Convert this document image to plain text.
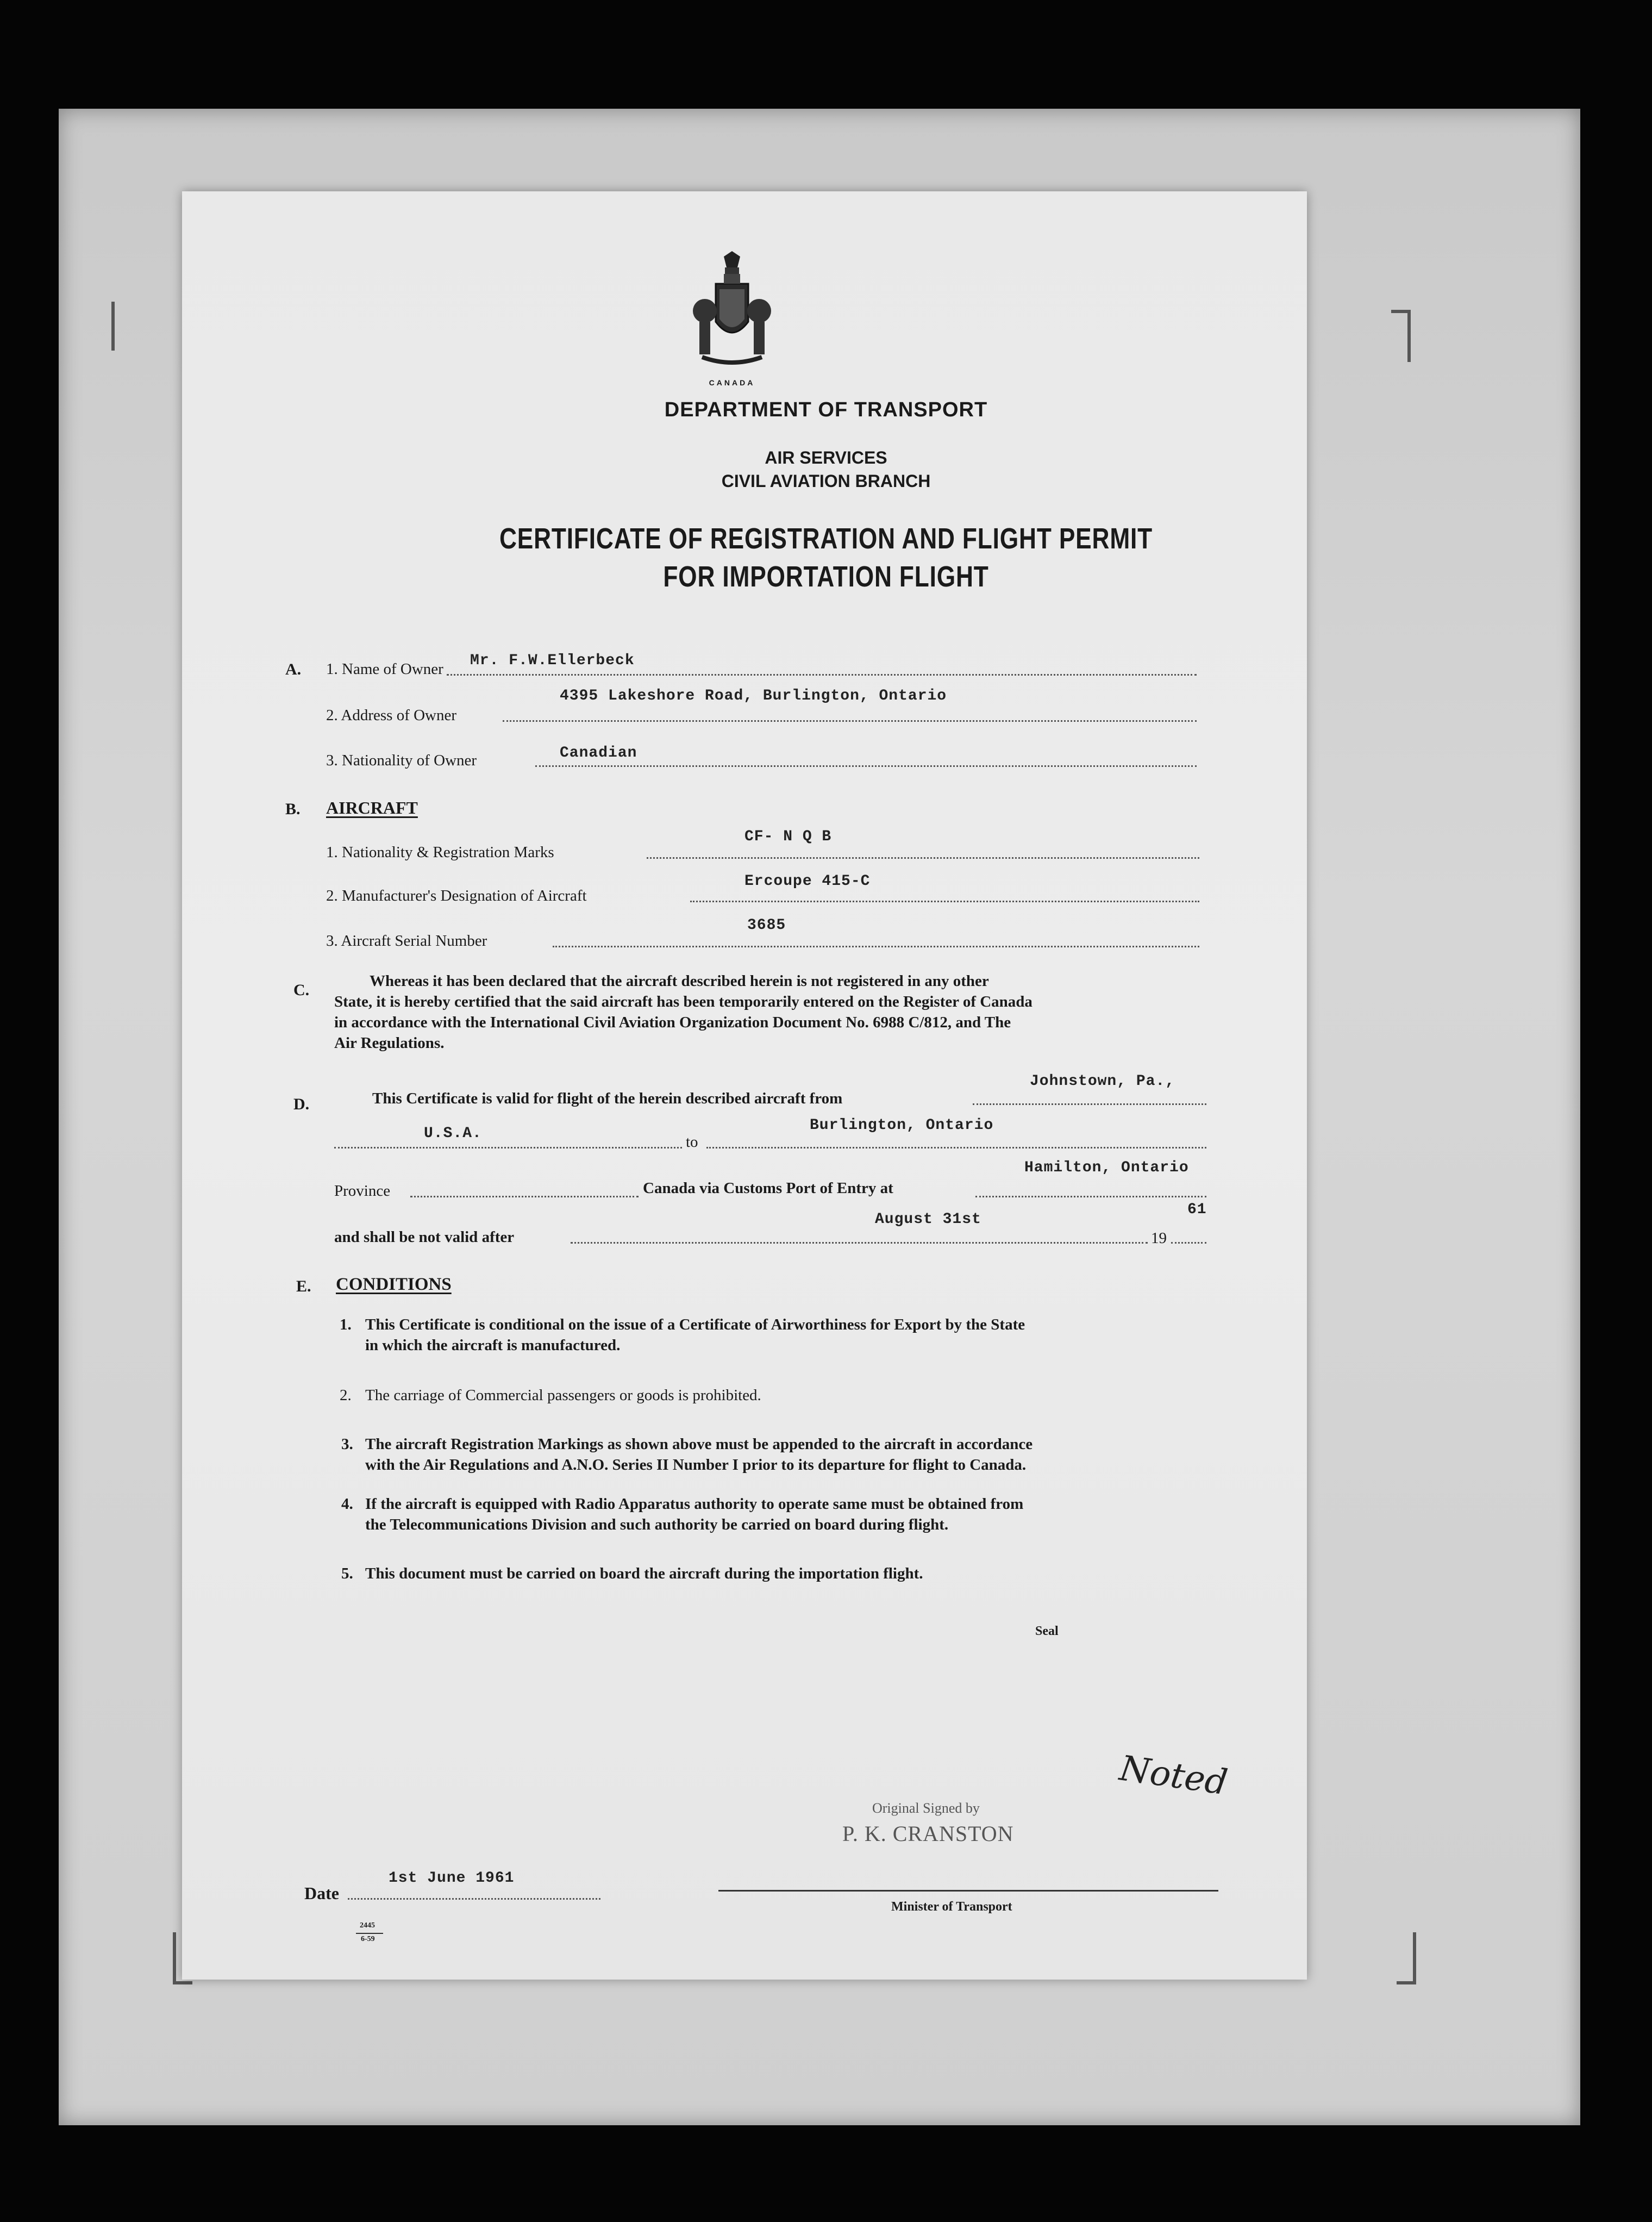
CANADA
DEPARTMENT OF TRANSPORT
AIR SERVICES
CIVIL AVIATION BRANCH
CERTIFICATE OF REGISTRATION AND FLIGHT PERMIT
FOR IMPORTATION FLIGHT
A. 1. Name of Owner Mr. F.W.Ellerbeck
2. Address of Owner
4395 Lakeshore Road, Burlington, Ontario
3. Nationality of Owner	Canadian
B. AIRCRAFT
1. Nationality & Registration Marks
CF- N Q B
2. Manufacturer's Designation of Aircraft
Ercoupe 415-C
3. Aircraft Serial Number
3685
C.	Whereas it has been declared that the aircraft described herein is not registered in any other
State, it is hereby certified that the said aircraft has been temporarily entered on the Register of Canada
in accordance with the International Civil Aviation Organization Document No. 6988 C/812, and The
Air Regulations.
D.	This Certificate is valid for flight of the herein described aircraft from
Johnstown, Pa.,
U.S.A.	to
Burlington, Ontario
Province	Canada via Customs Port of Entry at
Hamilton, Ontario
and shall be not valid after
August 31st
19
61
E. CONDITIONS
1. This Certificate is conditional on the issue of a Certificate of Airworthiness for Export by the State
in which the aircraft is manufactured.
2. The carriage of Commercial passengers or goods is prohibited.
3. The aircraft Registration Markings as shown above must be appended to the aircraft in accordance
with the Air Regulations and A.N.O. Series II Number I prior to its departure for flight to Canada.
4. If the aircraft is equipped with Radio Apparatus authority to operate same must be obtained from
the Telecommunications Division and such authority be carried on board during flight.
5. This document must be carried on board the aircraft during the importation flight.
Seal
Noted
Original Signed by
P. K. CRANSTON
Date
1st June 1961
Minister of Transport
2445
6-59
